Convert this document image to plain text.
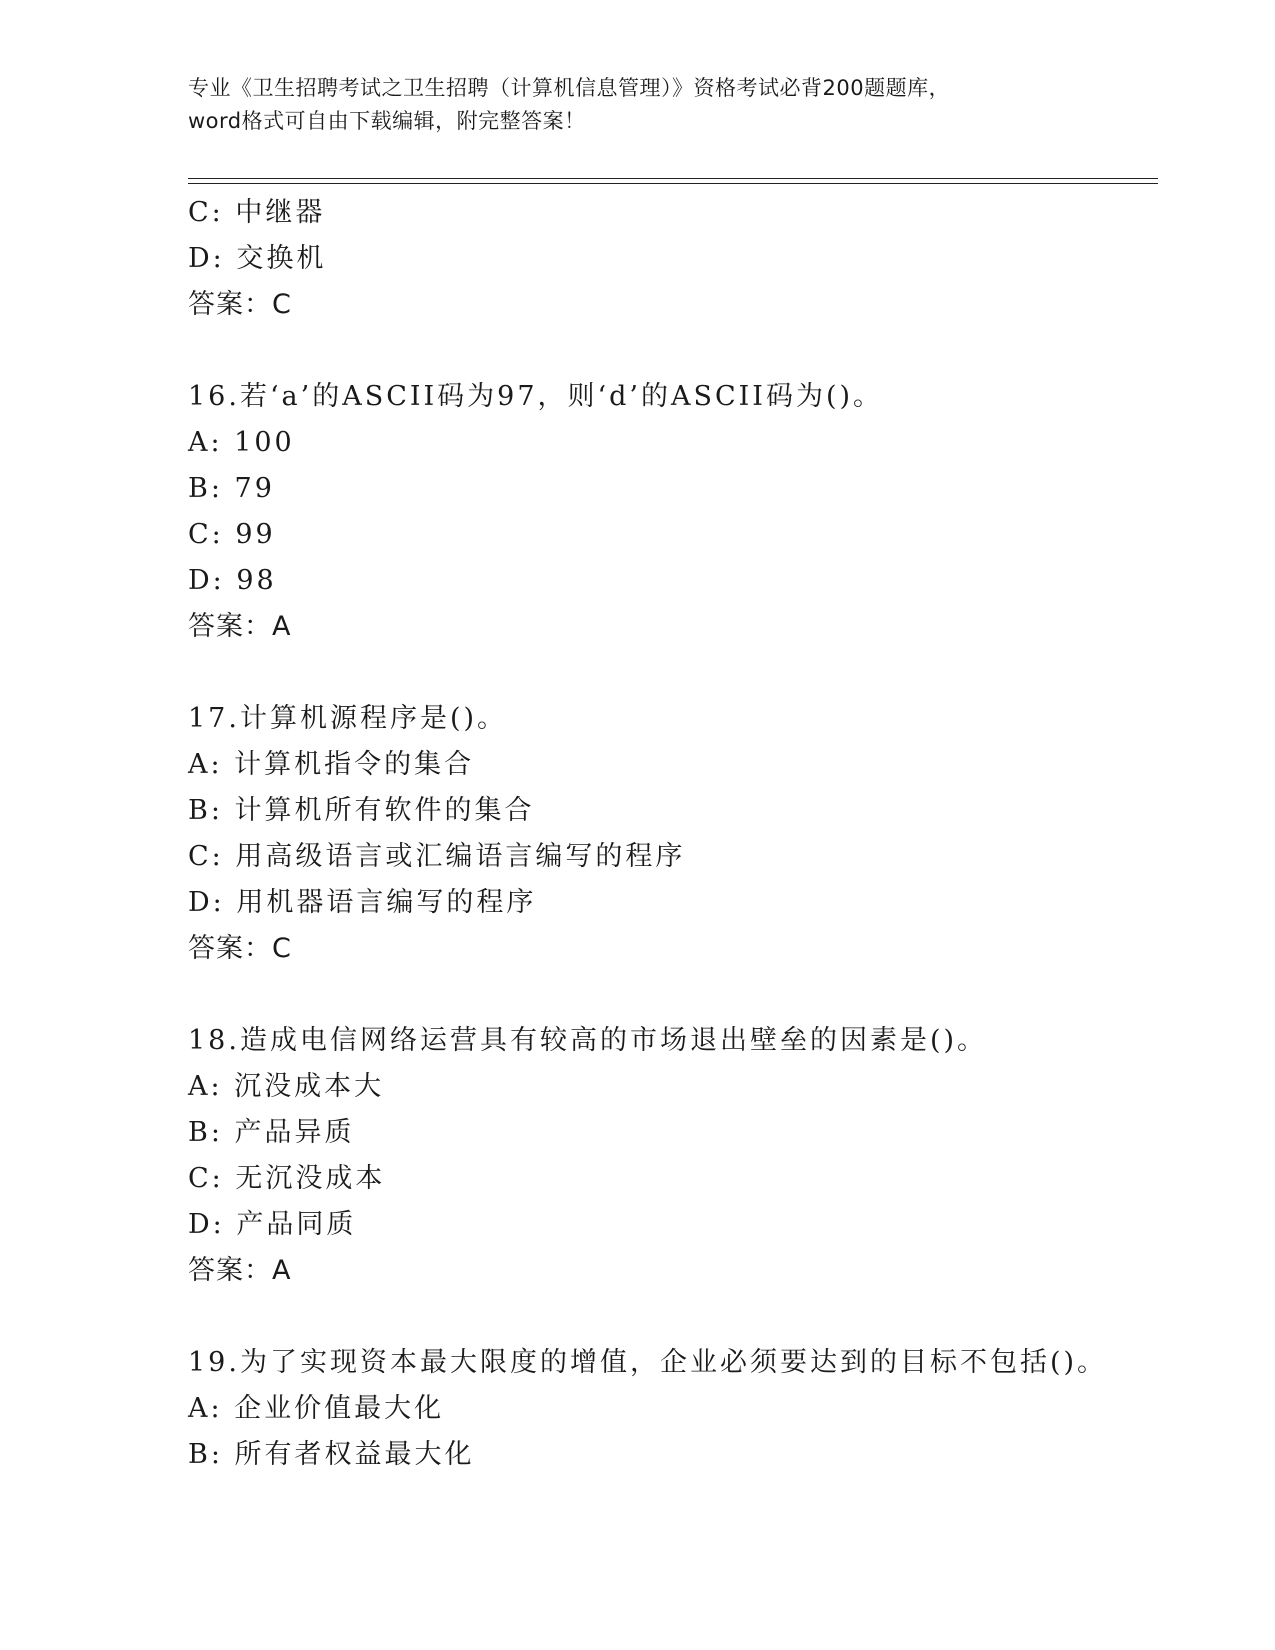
专业《卫生招聘考试之卫生招聘（计算机信息管理）》资格考试必背200题题库，
word格式可自由下载编辑，附完整答案！
C: 中继器
D: 交换机
答案：C
16.若‘a’的ASCII码为97，则‘d’的ASCII码为()。
A: 100
B: 79
C: 99
D: 98
答案：A
17.计算机源程序是()。
A: 计算机指令的集合
B: 计算机所有软件的集合
C: 用高级语言或汇编语言编写的程序
D: 用机器语言编写的程序
答案：C
18.造成电信网络运营具有较高的市场退出壁垒的因素是()。
A: 沉没成本大
B: 产品异质
C: 无沉没成本
D: 产品同质
答案：A
19.为了实现资本最大限度的增值，企业必须要达到的目标不包括()。
A: 企业价值最大化
B: 所有者权益最大化
